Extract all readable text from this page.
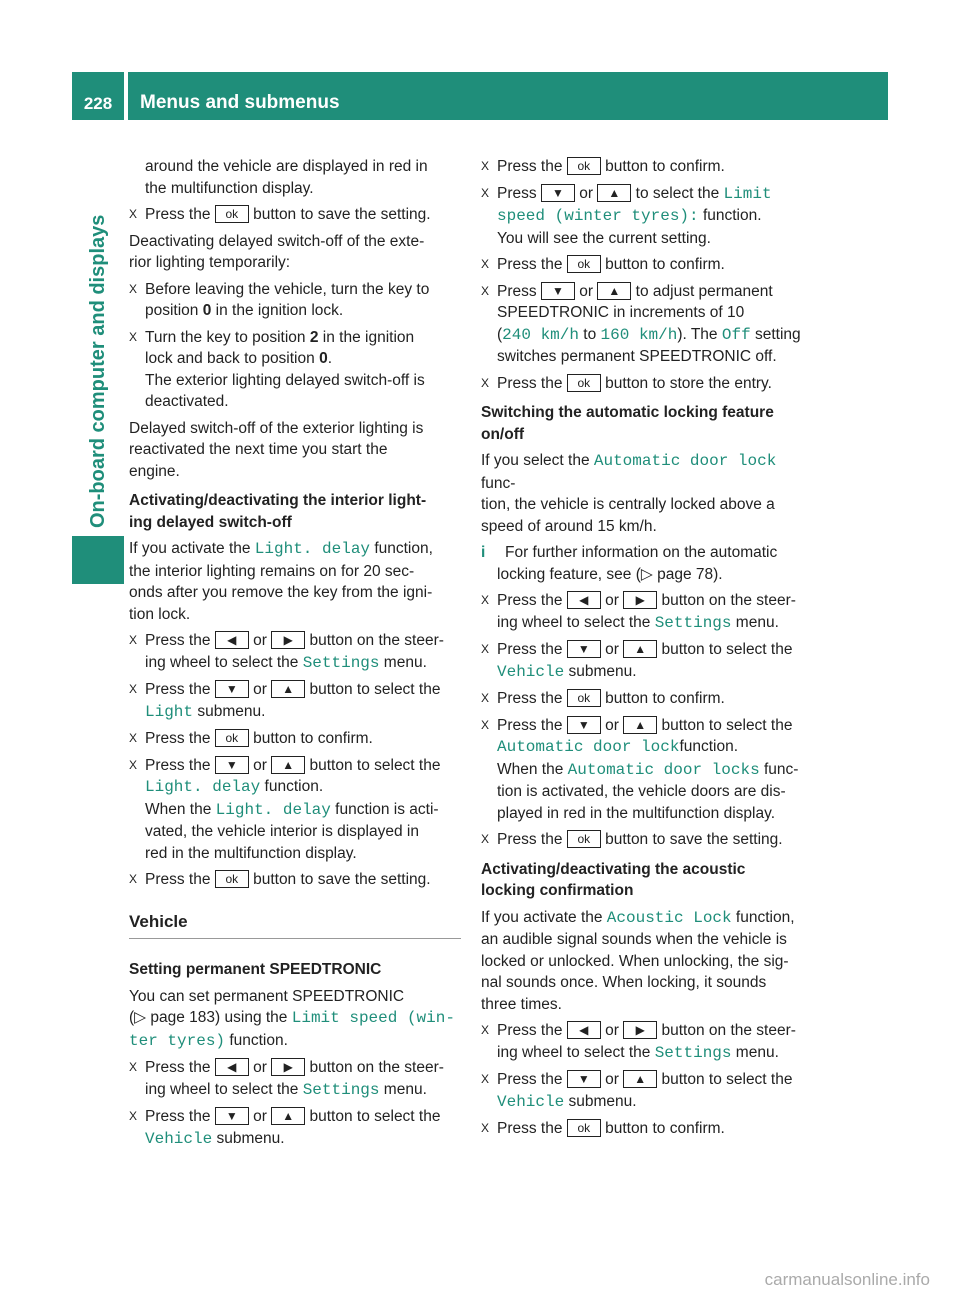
228 Menus and submenus
On-board computer and displays

around the vehicle are displayed in red in

the multifunction display.

X Press the ok button to save the setting.

Deactivating delayed switch-off of the exte-

rior lighting temporarily:

X Before leaving the vehicle, turn the key to

position 0 in the ignition lock.

X Turn the key to position 2 in the ignition

lock and back to position 0.

The exterior lighting delayed switch-off is

deactivated.

Delayed switch-off of the exterior lighting is

reactivated the next time you start the

engine.

Activating/deactivating the interior light-

ing delayed switch-off

If you activate the Light. delay function,

the interior lighting remains on for 20 sec-

onds after you remove the key from the igni-

tion lock.

X Press the ◀ or ▶ button on the steer-

ing wheel to select the Settings menu.

X Press the ▼ or ▲ button to select the

Light submenu.

X Press the ok button to confirm.

X Press the ▼ or ▲ button to select the

Light. delay function.

When the Light. delay function is acti-

vated, the vehicle interior is displayed in

red in the multifunction display.

X Press the ok button to save the setting.

Vehicle

Setting permanent SPEEDTRONIC

You can set permanent SPEEDTRONIC

(▷ page 183) using the Limit speed (win‐

ter tyres) function.

X Press the ◀ or ▶ button on the steer-

ing wheel to select the Settings menu.

X Press the ▼ or ▲ button to select the

Vehicle submenu.

X Press the ok button to confirm.

X Press ▼ or ▲ to select the Limit

speed (winter tyres): function.

You will see the current setting.

X Press the ok button to confirm.

X Press ▼ or ▲ to adjust permanent

SPEEDTRONIC in increments of 10

(240 km/h to 160 km/h). The Off setting

switches permanent SPEEDTRONIC off.

X Press the ok button to store the entry.

Switching the automatic locking feature

on/off

If you select the Automatic door lock func-

tion, the vehicle is centrally locked above a

speed of around 15 km/h.

i For further information on the automatic

locking feature, see (▷ page 78).

X Press the ◀ or ▶ button on the steer-

ing wheel to select the Settings menu.

X Press the ▼ or ▲ button to select the

Vehicle submenu.

X Press the ok button to confirm.

X Press the ▼ or ▲ button to select the

Automatic door lockfunction.

When the Automatic door locks func-

tion is activated, the vehicle doors are dis-

played in red in the multifunction display.

X Press the ok button to save the setting.

Activating/deactivating the acoustic

locking confirmation

If you activate the Acoustic Lock function,

an audible signal sounds when the vehicle is

locked or unlocked. When unlocking, the sig-

nal sounds once. When locking, it sounds

three times.

X Press the ◀ or ▶ button on the steer-

ing wheel to select the Settings menu.

X Press the ▼ or ▲ button to select the

Vehicle submenu.

X Press the ok button to confirm.

carmanualsonline.info
